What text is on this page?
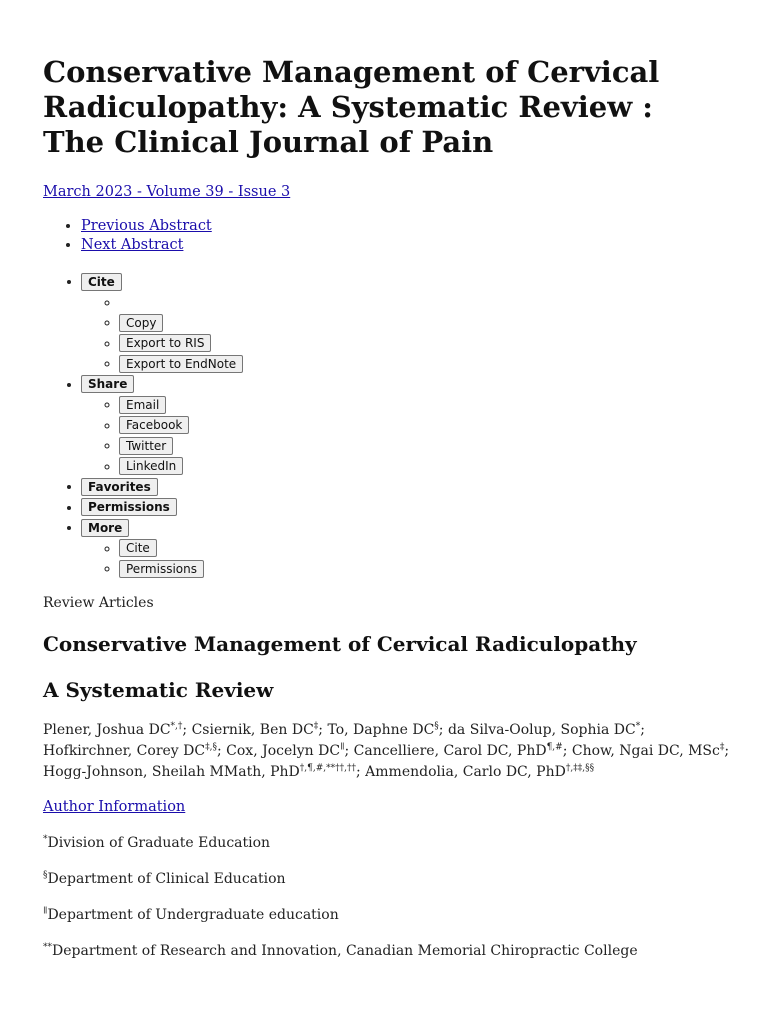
Conservative Management of Cervical Radiculopathy: A Systematic Review : The Clinical Journal of Pain
March 2023 - Volume 39 - Issue 3
• Previous Abstract
• Next Abstract
• Cite
◦
◦ Copy
◦ Export to RIS
◦ Export to EndNote
• Share
◦ Email
◦ Facebook
◦ Twitter
◦ LinkedIn
• Favorites
• Permissions
• More
◦ Cite
◦ Permissions
Review Articles
Conservative Management of Cervical Radiculopathy
A Systematic Review
Plener, Joshua DC*,†; Csiernik, Ben DC‡; To, Daphne DC§; da Silva-Oolup, Sophia DC*; Hofkirchner, Corey DC‡,§; Cox, Jocelyn $DC^ǁ$; Cancelliere, Carol DC, PhD¶,#; Chow, Ngai DC, MSc‡; Hogg-Johnson, Sheilah MMath, PhD†,¶,#,**††,††; Ammendolia, Carlo DC, PhD†,‡‡,§§
Author Information
*Division of Graduate Education
§Department of Clinical Education
$^ǁ$Department of Undergraduate education
**Department of Research and Innovation, Canadian Memorial Chiropractic College
